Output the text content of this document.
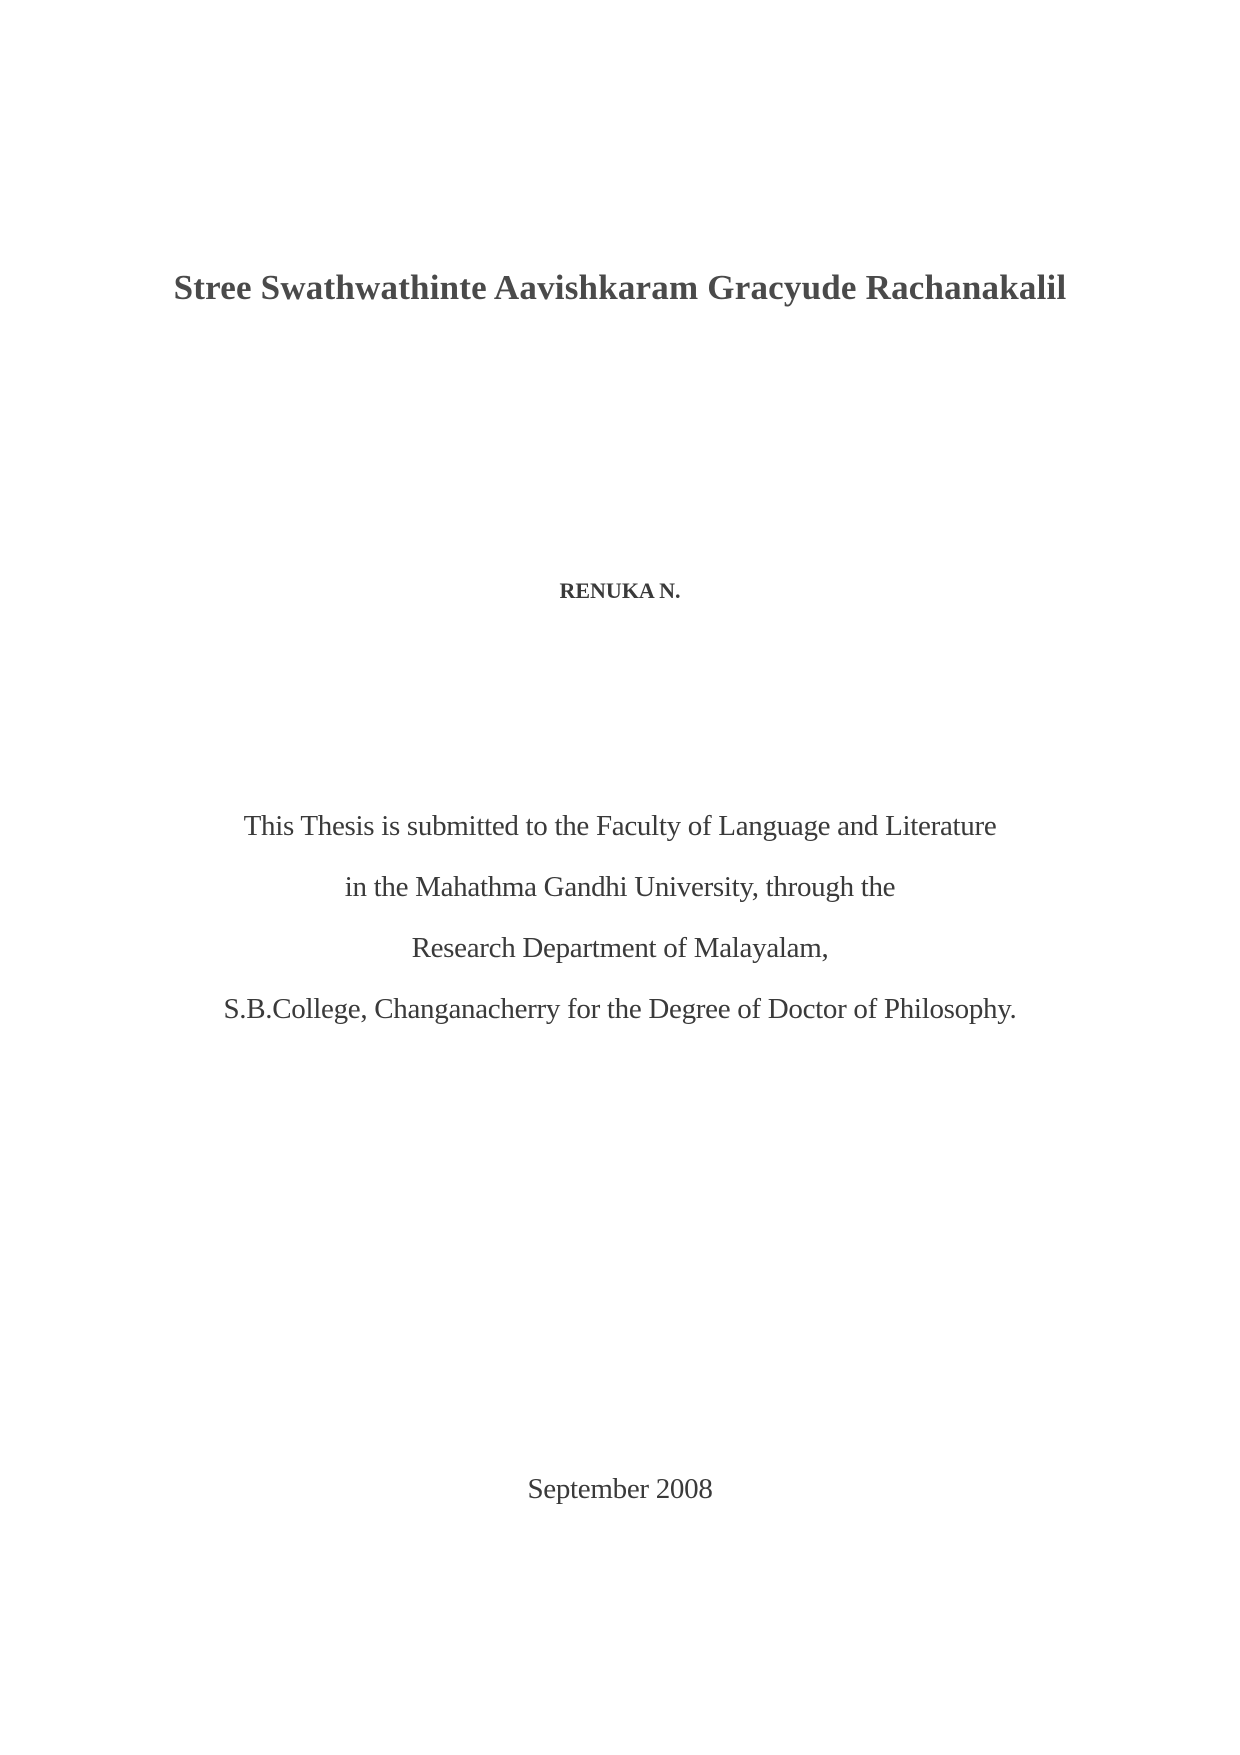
Stree Swathwathinte Aavishkaram Gracyude Rachanakalil
RENUKA N.
This Thesis is submitted to the Faculty of Language and Literature
in the Mahathma Gandhi University, through the
Research Department of Malayalam,
S.B.College, Changanacherry for the Degree of Doctor of Philosophy.
September 2008
